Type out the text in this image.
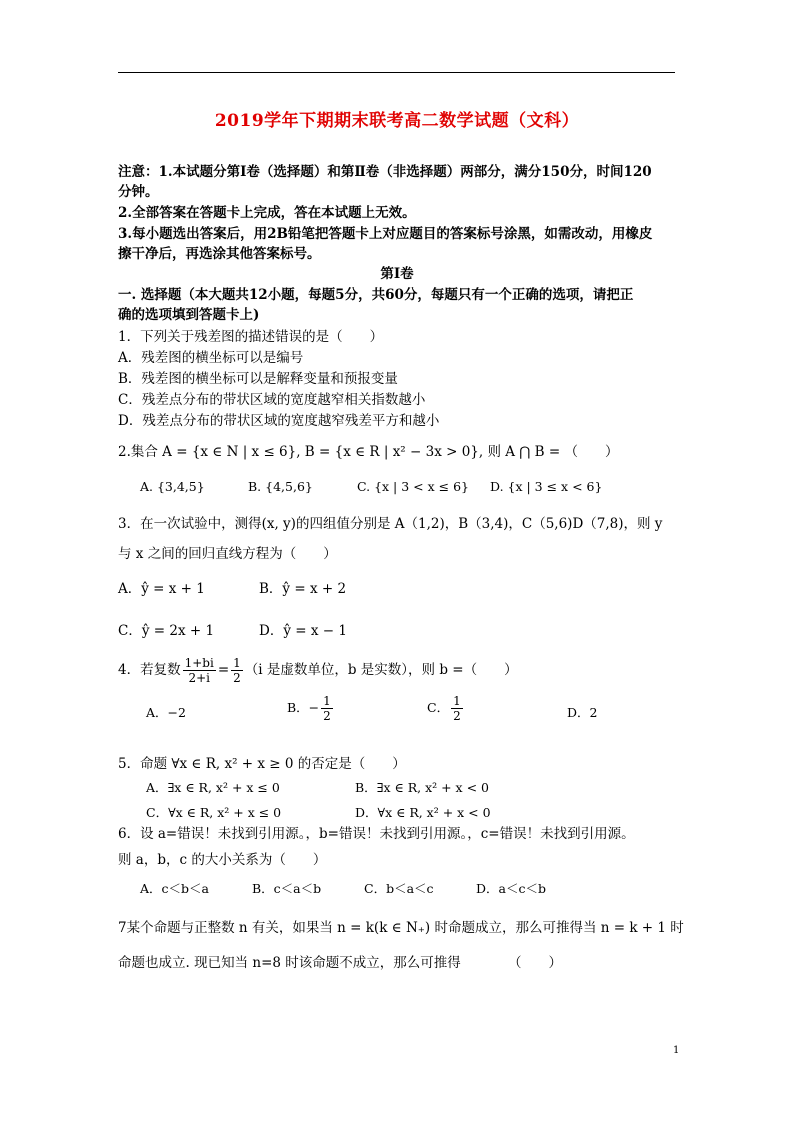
2019学年下期期末联考高二数学试题（文科）
注意：1.本试题分第Ⅰ卷（选择题）和第Ⅱ卷（非选择题）两部分，满分150分，时间120
分钟。
2.全部答案在答题卡上完成，答在本试题上无效。
3.每小题选出答案后，用2B铅笔把答题卡上对应题目的答案标号涂黑，如需改动，用橡皮
擦干净后，再选涂其他答案标号。
第Ⅰ卷
一. 选择题（本大题共12小题，每题5分，共60分，每题只有一个正确的选项，请把正
确的选项填到答题卡上)
1．下列关于残差图的描述错误的是（　　）
A．残差图的横坐标可以是编号
B．残差图的横坐标可以是解释变量和预报变量
C．残差点分布的带状区域的宽度越窄相关指数越小
D．残差点分布的带状区域的宽度越窄残差平方和越小
2.集合 A = {x ∈ N | x ≤ 6}, B = {x ∈ R | x² − 3x > 0}, 则 A ⋂ B = （　　）
A. {3,4,5}	B. {4,5,6}	C. {x | 3 < x ≤ 6} D. {x | 3 ≤ x < 6}
3．在一次试验中，测得(x, y)的四组值分别是 A（1,2)，B（3,4)，C（5,6)D（7,8)，则 y
与 x 之间的回归直线方程为（　　）
A．ŷ = x + 1	B．ŷ = x + 2
C．ŷ = 2x + 1	D．ŷ = x − 1
4．若复数 $\frac{1+bi}{2+i} = \frac{1}{2} (i$ 是虚数单位，b 是实数），则 b =（　　）
A．−2	B．− $\frac{1}{2}$	C． $\frac{1}{2}$	D．2
5．命题 ∀x ∈ R, x² + x ≥ 0 的否定是（　　）
A．∃x ∈ R, x² + x ≤ 0	B．∃x ∈ R, x² + x < 0
C．∀x ∈ R, x² + x ≤ 0	D．∀x ∈ R, x² + x < 0
6．设 a=错误！未找到引用源。，b=错误！未找到引用源。，c=错误！未找到引用源。
则 a，b，c 的大小关系为（　　）
A．c＜b＜a	B．c＜a＜b	C．b＜a＜c	D．a＜c＜b
7某个命题与正整数 n 有关，如果当 n = k(k ∈ N₊) 时命题成立，那么可推得当 n = k + 1 时
命题也成立. 现已知当 n=8 时该命题不成立，那么可推得　　　　（　　）
1
